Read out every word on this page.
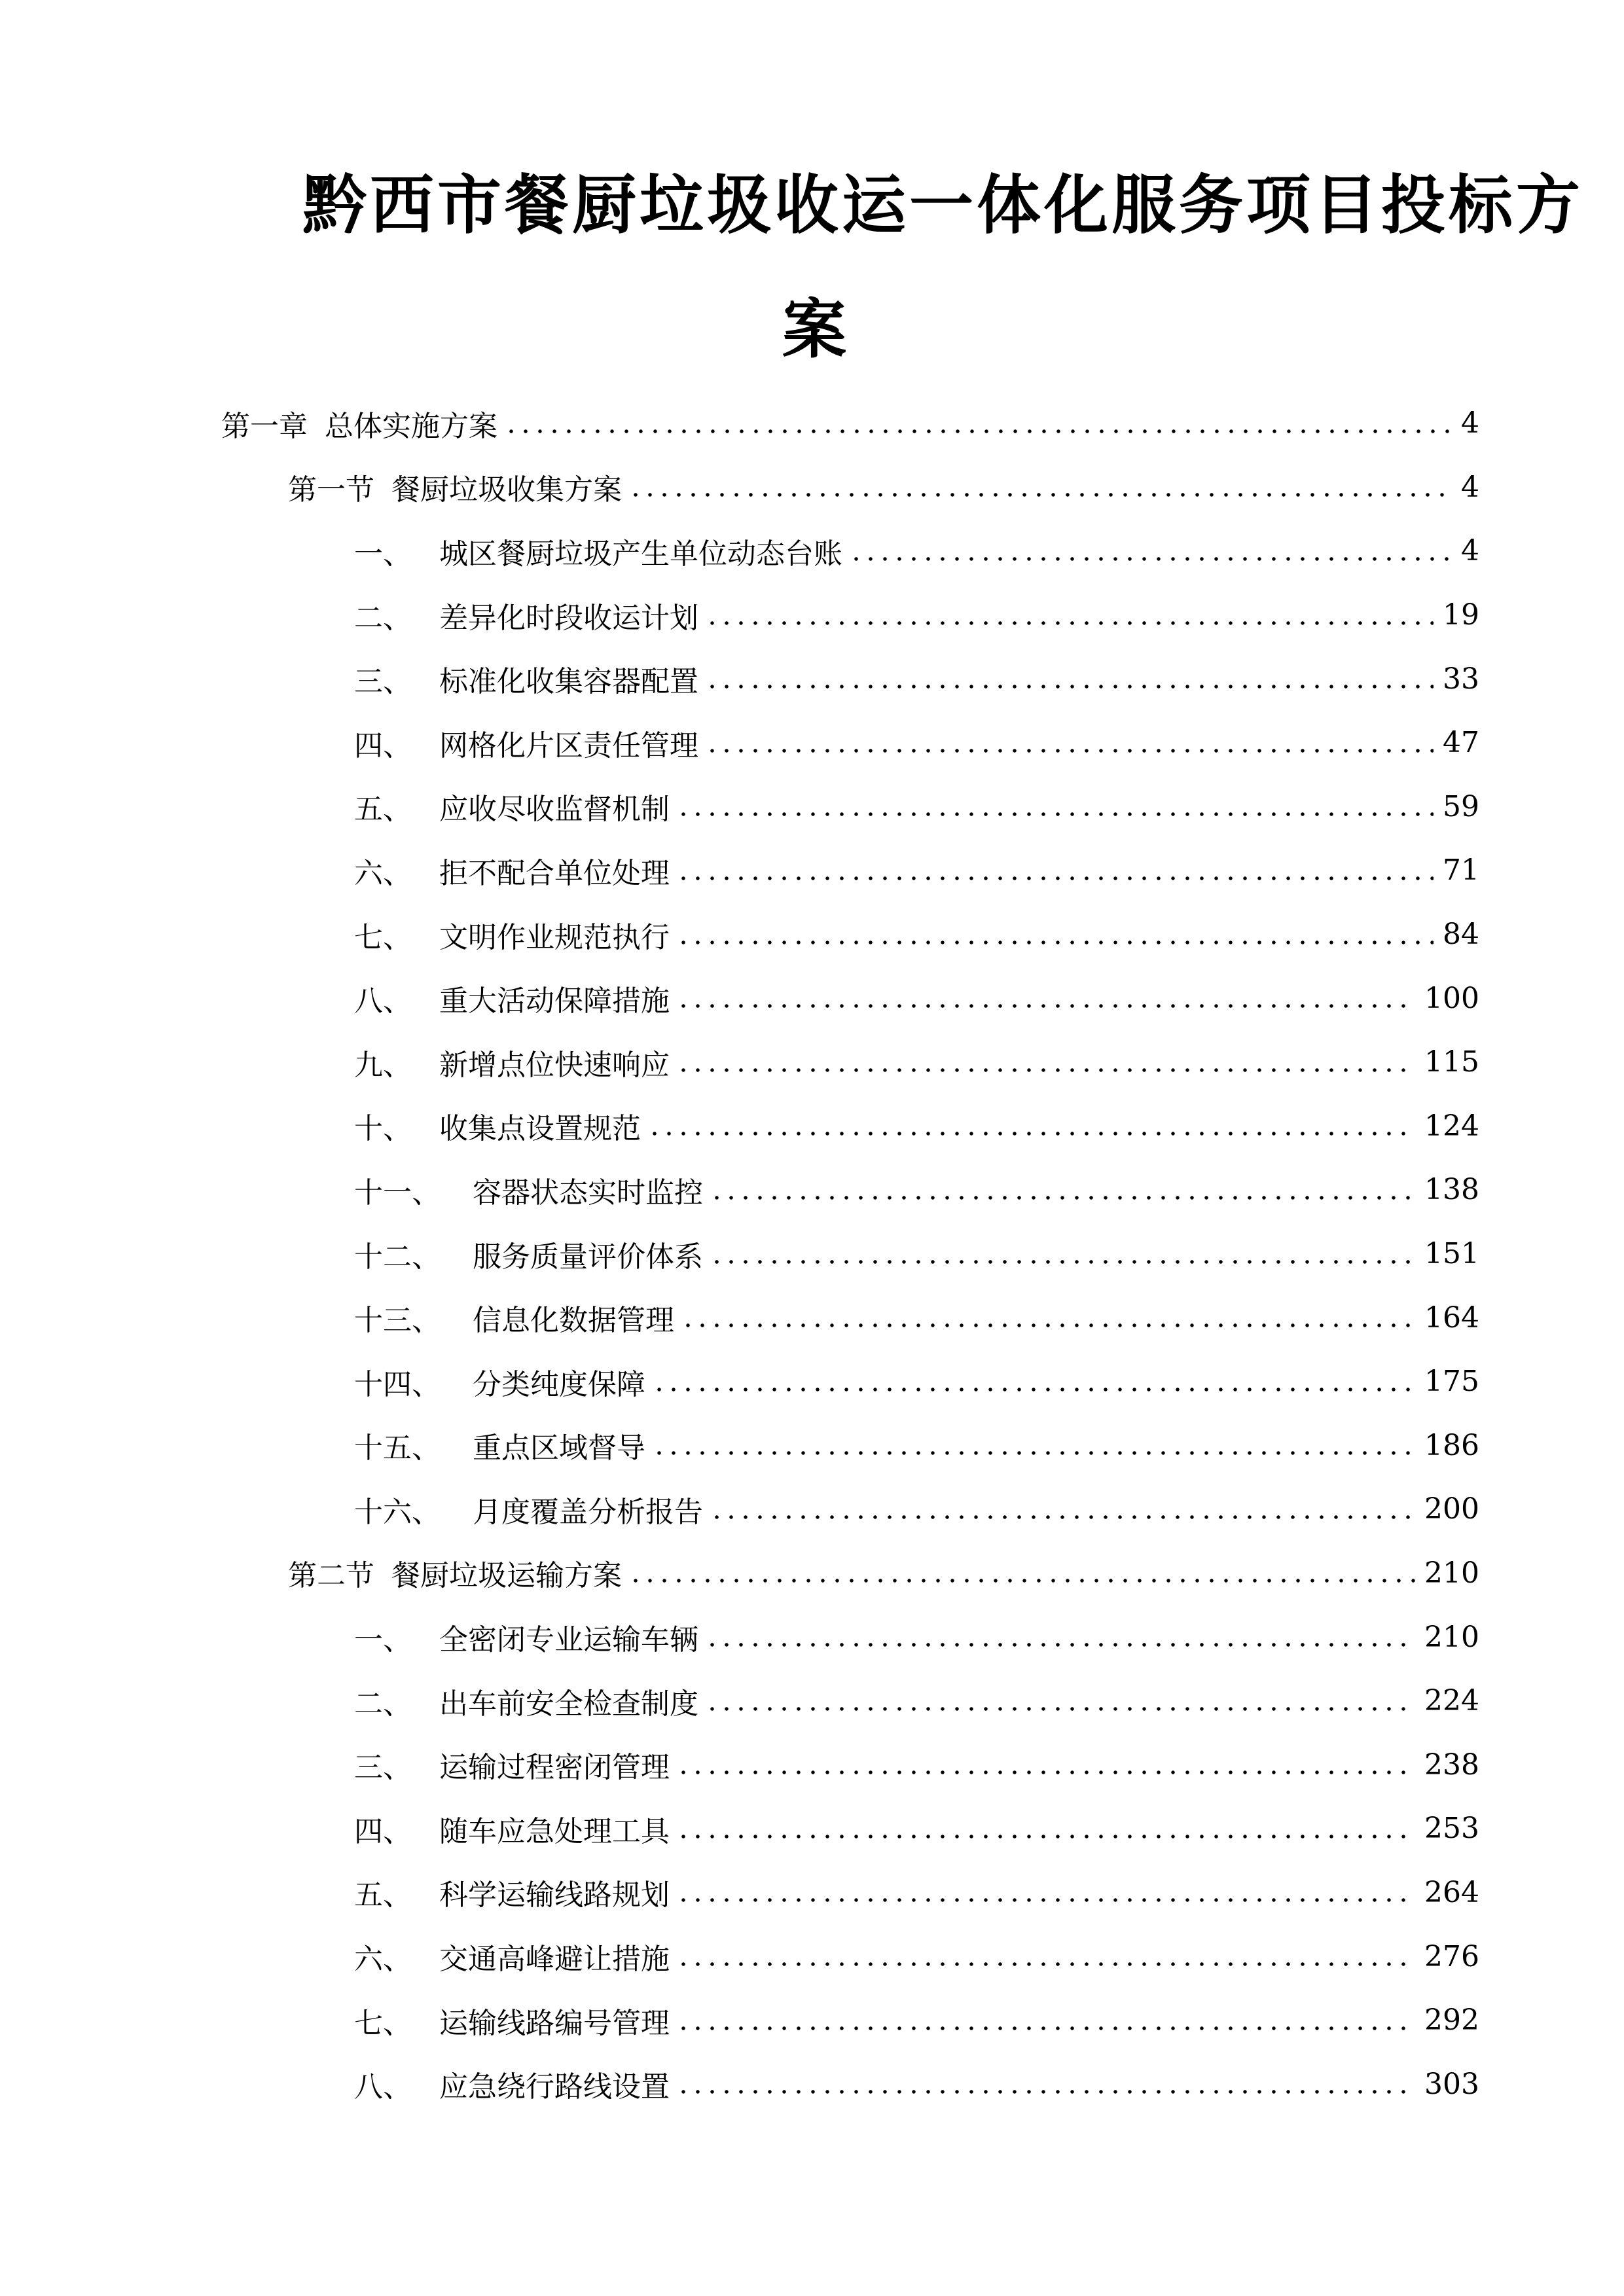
黔西市餐厨垃圾收运一体化服务项目投标方
案
第一章 总体实施方案	4
第一节 餐厨垃圾收集方案	4
一、 城区餐厨垃圾产生单位动态台账	4
二、 差异化时段收运计划	19
三、 标准化收集容器配置	33
四、 网格化片区责任管理	47
五、 应收尽收监督机制	59
六、 拒不配合单位处理	71
七、 文明作业规范执行	84
八、 重大活动保障措施	100
九、 新增点位快速响应	115
十、 收集点设置规范	124
十一、	容器状态实时监控	138
十二、	服务质量评价体系	151
十三、	信息化数据管理	164
十四、	分类纯度保障	175
十五、	重点区域督导	186
十六、	月度覆盖分析报告	200
第二节 餐厨垃圾运输方案	210
一、 全密闭专业运输车辆	210
二、 出车前安全检查制度	224
三、 运输过程密闭管理	238
四、 随车应急处理工具	253
五、 科学运输线路规划	264
六、 交通高峰避让措施	276
七、 运输线路编号管理	292
八、 应急绕行路线设置	303
